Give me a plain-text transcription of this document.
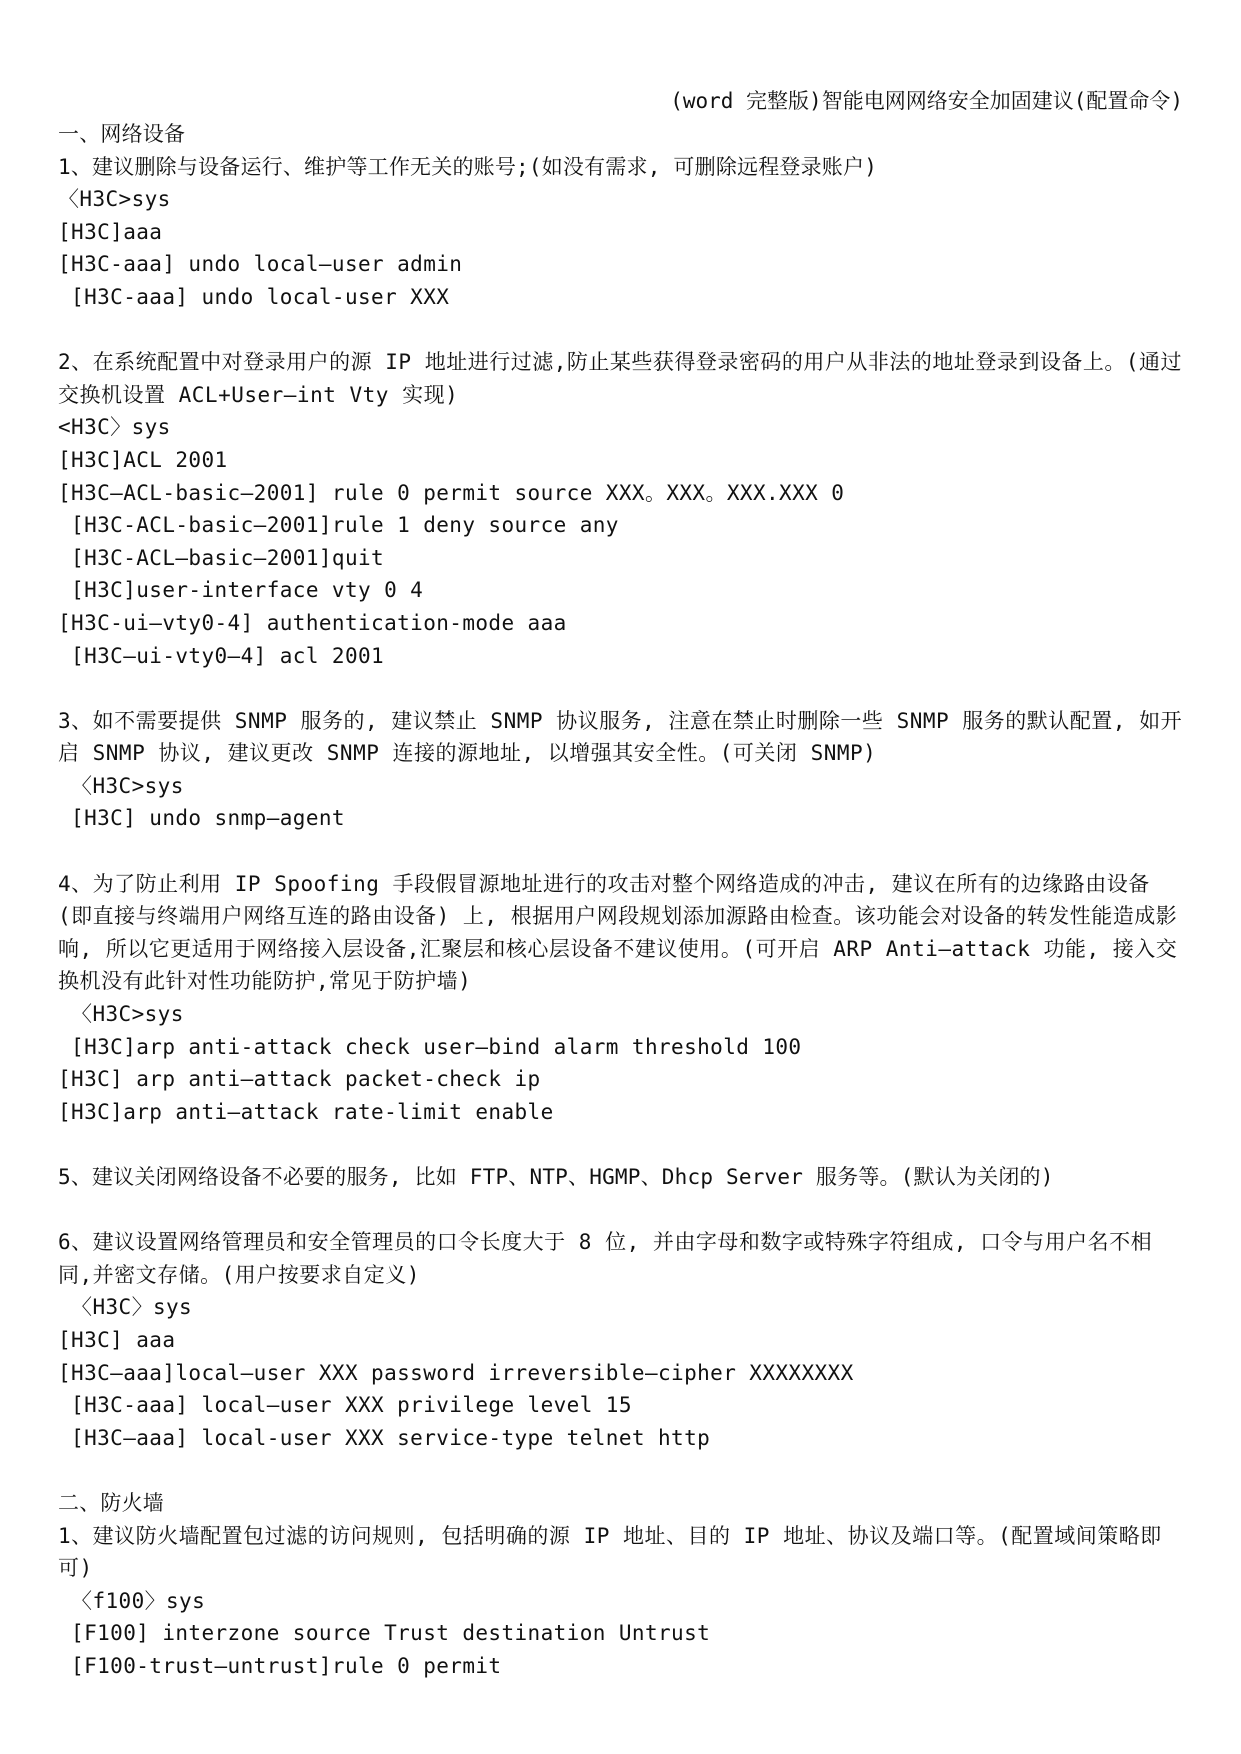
(word 完整版)智能电网网络安全加固建议(配置命令)
一、网络设备
1、建议删除与设备运行、维护等工作无关的账号;(如没有需求, 可删除远程登录账户)
〈H3C>sys
[H3C]aaa
[H3C-aaa] undo local—user admin
[H3C-aaa] undo local-user XXX
2、在系统配置中对登录用户的源 IP 地址进行过滤,防止某些获得登录密码的用户从非法的地址登录到设备上。(通过交换机设置 ACL+User—int Vty 实现)
<H3C〉sys
[H3C]ACL 2001
[H3C—ACL-basic—2001] rule 0 permit source XXX。XXX。XXX.XXX 0
[H3C-ACL-basic—2001]rule 1 deny source any
[H3C-ACL—basic—2001]quit
[H3C]user-interface vty 0 4
[H3C-ui—vty0-4] authentication-mode aaa
[H3C—ui-vty0—4] acl 2001
3、如不需要提供 SNMP 服务的, 建议禁止 SNMP 协议服务, 注意在禁止时删除一些 SNMP 服务的默认配置, 如开启 SNMP 协议, 建议更改 SNMP 连接的源地址, 以增强其安全性。(可关闭 SNMP)
〈H3C>sys
[H3C] undo snmp—agent
4、为了防止利用 IP Spoofing 手段假冒源地址进行的攻击对整个网络造成的冲击, 建议在所有的边缘路由设备 (即直接与终端用户网络互连的路由设备) 上, 根据用户网段规划添加源路由检查。该功能会对设备的转发性能造成影响, 所以它更适用于网络接入层设备,汇聚层和核心层设备不建议使用。(可开启 ARP Anti—attack 功能, 接入交换机没有此针对性功能防护,常见于防护墙)
〈H3C>sys
[H3C]arp anti-attack check user—bind alarm threshold 100
[H3C] arp anti—attack packet-check ip
[H3C]arp anti—attack rate-limit enable
5、建议关闭网络设备不必要的服务, 比如 FTP、NTP、HGMP、Dhcp Server 服务等。(默认为关闭的)
6、建议设置网络管理员和安全管理员的口令长度大于 8 位, 并由字母和数字或特殊字符组成, 口令与用户名不相同,并密文存储。(用户按要求自定义)
〈H3C〉sys
[H3C] aaa
[H3C—aaa]local—user XXX password irreversible—cipher XXXXXXXX
[H3C-aaa] local—user XXX privilege level 15
[H3C—aaa] local-user XXX service-type telnet http
二、防火墙
1、建议防火墙配置包过滤的访问规则, 包括明确的源 IP 地址、目的 IP 地址、协议及端口等。(配置域间策略即可)
〈f100〉sys
[F100] interzone source Trust destination Untrust
[F100-trust—untrust]rule 0 permit
